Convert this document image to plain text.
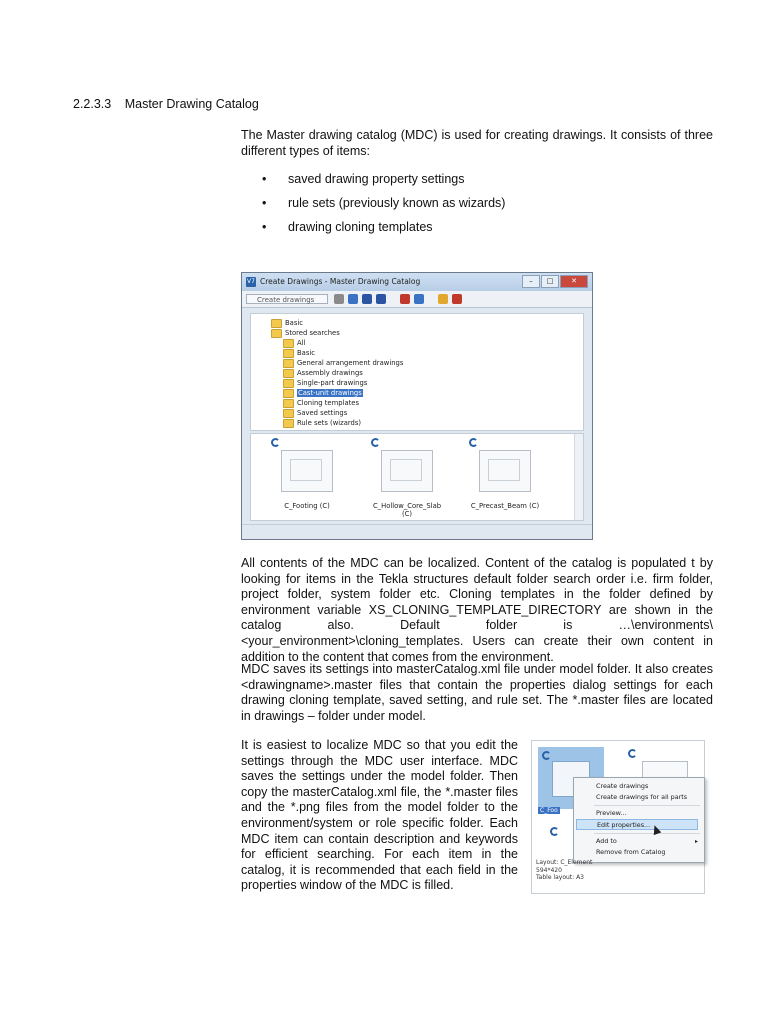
2.2.3.3 Master Drawing Catalog

The Master drawing catalog (MDC) is used for creating drawings. It consists of three different types of items:

• saved drawing property settings
• rule sets (previously known as wizards)
• drawing cloning templates
V7 Create Drawings - Master Drawing Catalog	–	□	✕
Create drawings
Basic
Stored searches
All
Basic
General arrangement drawings
Assembly drawings
Single-part drawings
Cast-unit drawings
Cloning templates
Saved settings
Rule sets (wizards)
C_Footing (C)	C_Hollow_Core_Slab (C)
C_Precast_Beam (C)

All contents of the MDC can be localized. Content of the catalog is populated t by looking for items in the Tekla structures default folder search order i.e. firm folder, project folder, system folder etc. Cloning templates in the folder defined by environment variable XS_CLONING_TEMPLATE_DIRECTORY are shown in the catalog also. Default folder is …\environments\<your_environment>\cloning_templates. Users can create their own content in addition to the content that comes from the environment.

MDC saves its settings into masterCatalog.xml file under model folder. It also creates <drawingname>.master files that contain the properties dialog settings for each drawing cloning template, saved setting, and rule set. The *.master files are located in drawings – folder under model.

It is easiest to localize MDC so that you edit the settings through the MDC user interface. MDC saves the settings under the model folder. Then copy the masterCatalog.xml file, the *.master files and the *.png files from the model folder to the environment/system or role specific folder. Each MDC item can contain description and keywords for efficient searching. For each item in the catalog, it is recommended that each field in the properties window of the MDC is filled.

C_Foo
Create drawings
Create drawings for all parts
Preview...
Edit properties...
Add to	▸
Remove from Catalog
Layout: C_Element
594*420
Table layout: A3
